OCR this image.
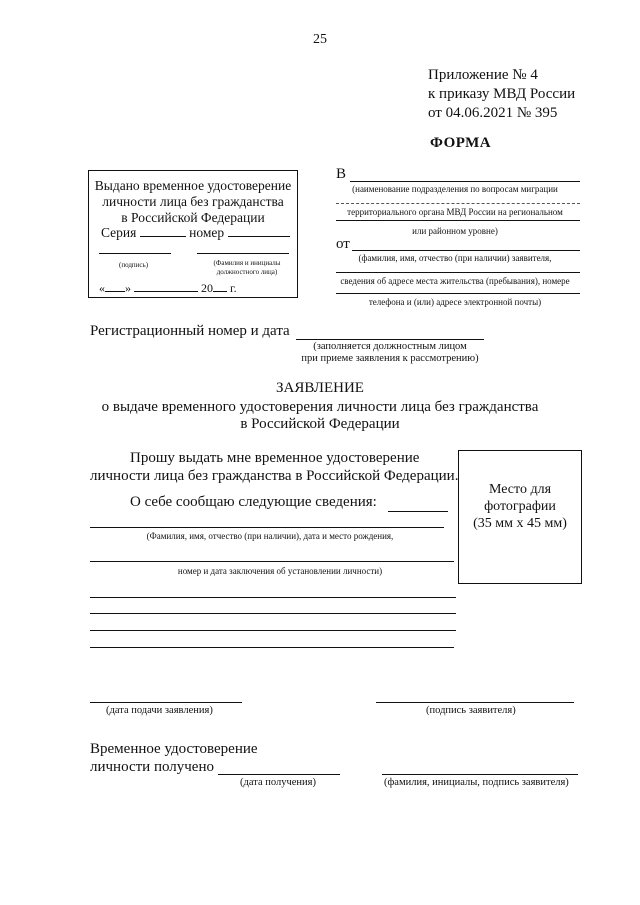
25
Приложение № 4
к приказу МВД России
от 04.06.2021 № 395
ФОРМА
Выдано временное удостоверение
личности лица без гражданства
в Российской Федерации
Серия	номер
(подпись)	(Фамилия и инициалы
должностного лица)
« »	20 г.
В
(наименование подразделения по вопросам миграции
территориального органа МВД России на региональном
или районном уровне)
от
(фамилия, имя, отчество (при наличии) заявителя,
сведения об адресе места жительства (пребывания), номере
телефона и (или) адресе электронной почты)
Регистрационный номер и дата
(заполняется должностным лицом
при приеме заявления к рассмотрению)
ЗАЯВЛЕНИЕ
о выдаче временного удостоверения личности лица без гражданства
в Российской Федерации
Прошу выдать мне временное удостоверение
личности лица без гражданства в Российской Федерации.
О себе сообщаю следующие сведения:
(Фамилия, имя, отчество (при наличии), дата и место рождения,
номер и дата заключения об установлении личности)
Место для
фотографии
(35 мм х 45 мм)
(дата подачи заявления)	(подпись заявителя)
Временное удостоверение
личности получено
(дата получения)	(фамилия, инициалы, подпись заявителя)
